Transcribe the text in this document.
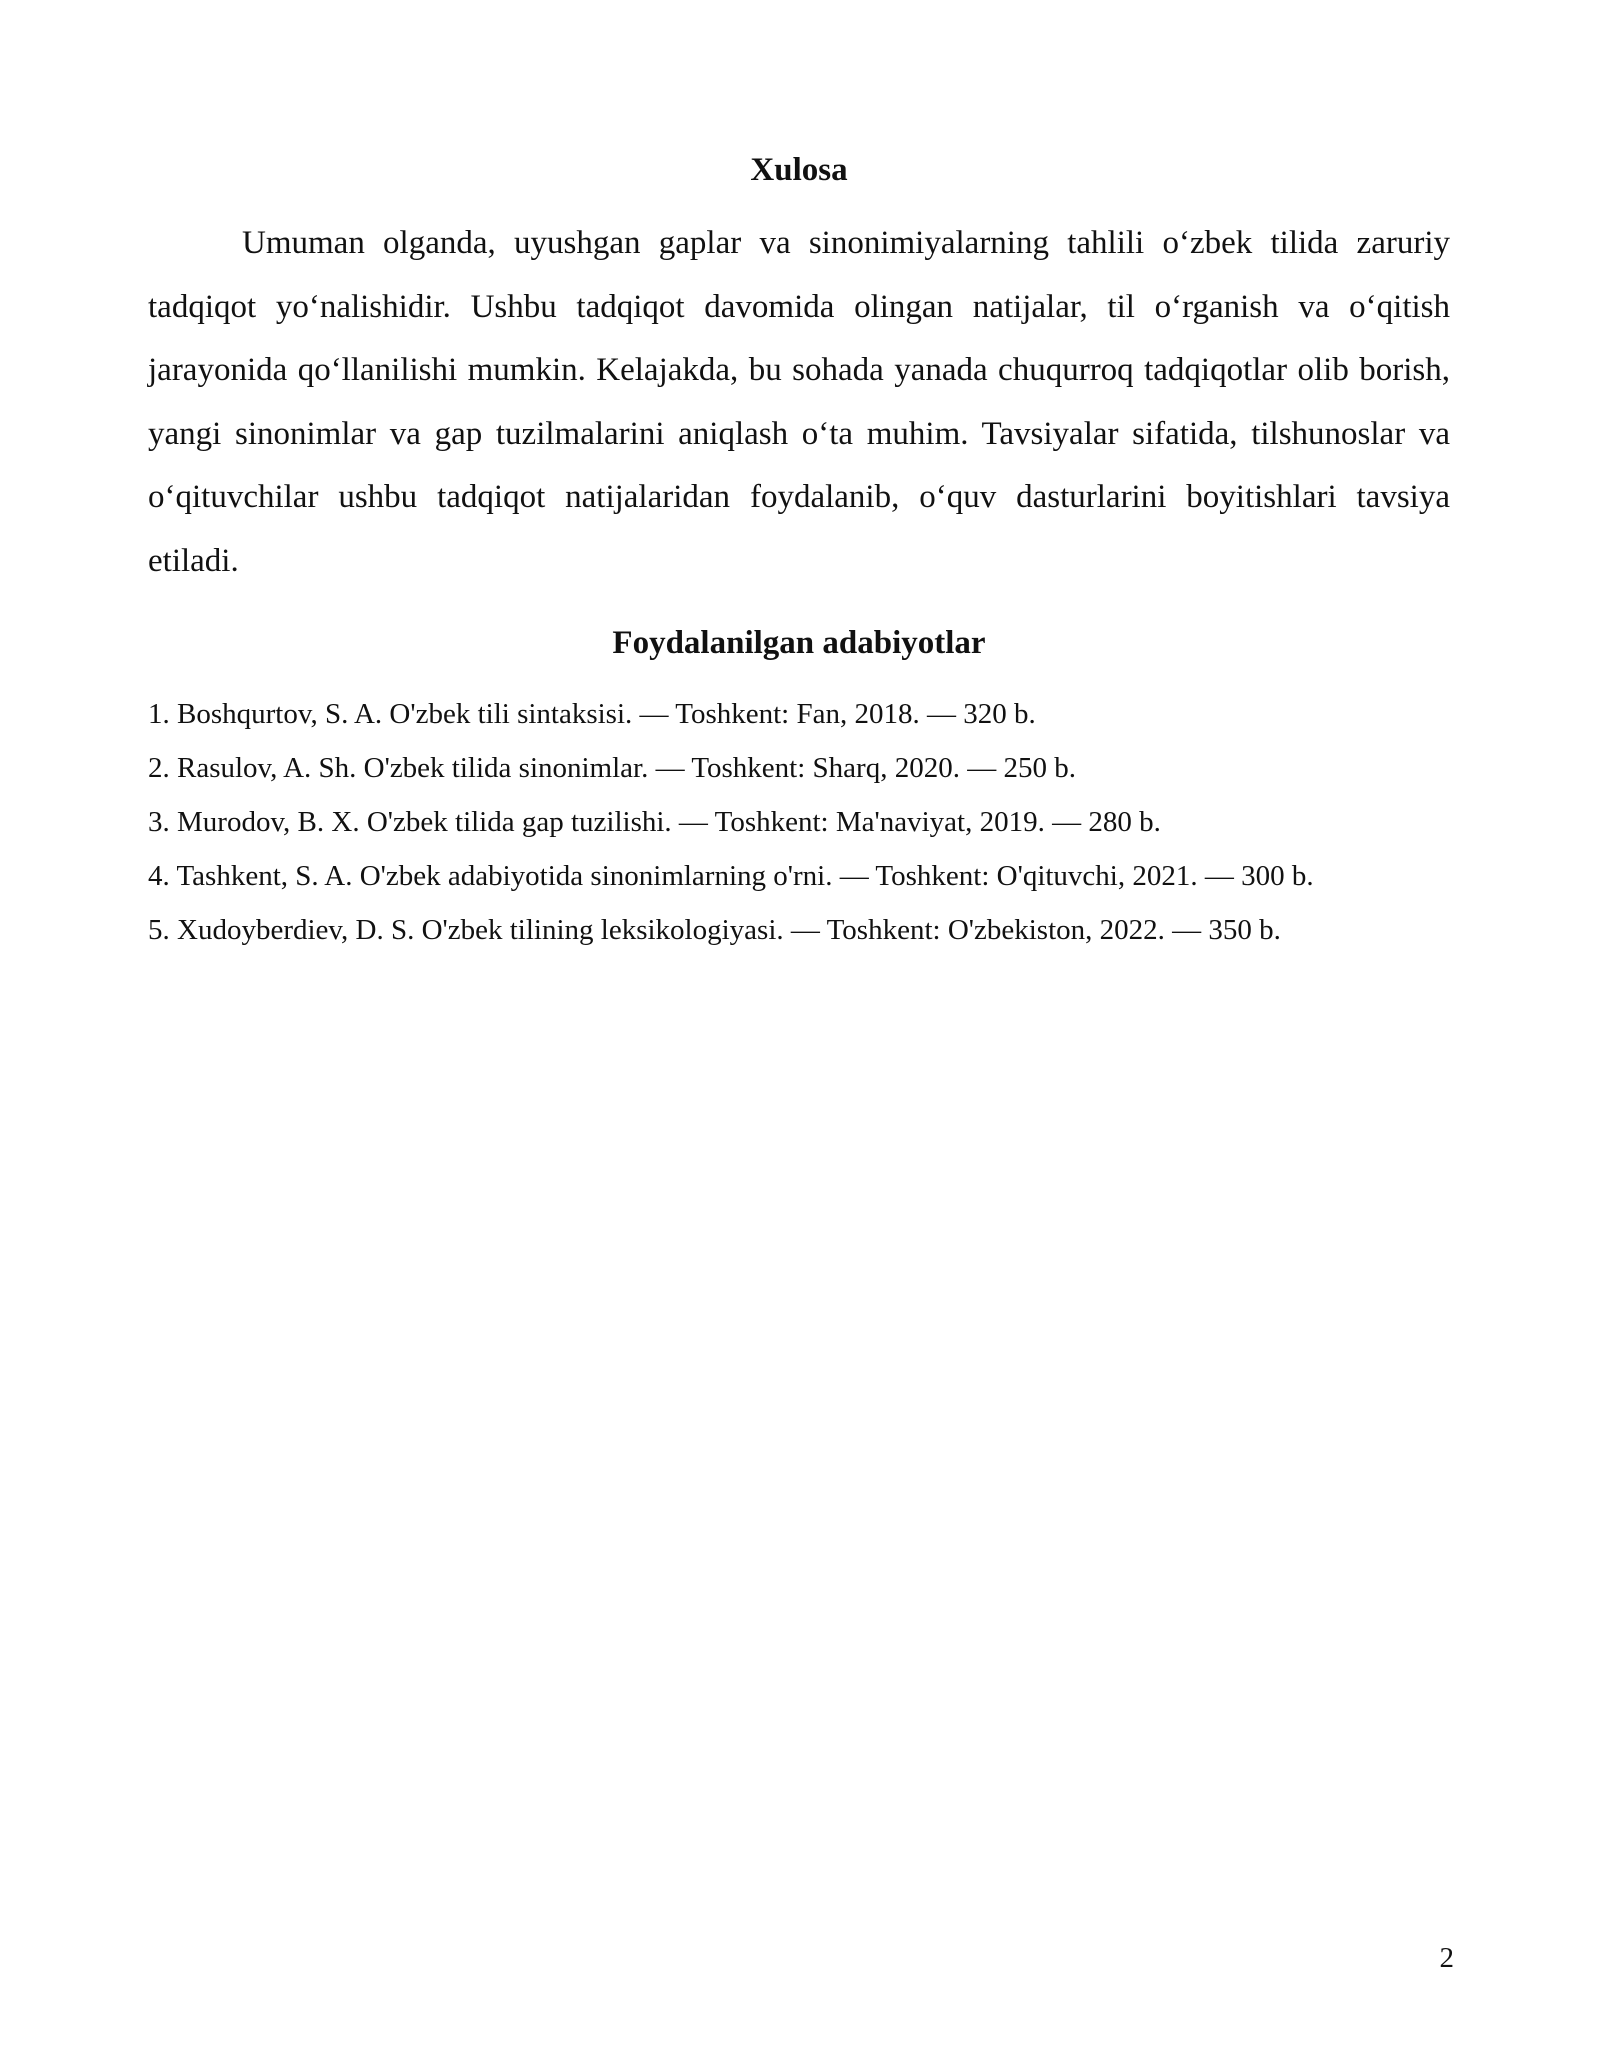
Xulosa

Umuman olganda, uyushgan gaplar va sinonimiyalarning tahlili o‘zbek tilida zaruriy tadqiqot yo‘nalishidir. Ushbu tadqiqot davomida olingan natijalar, til o‘rganish va o‘qitish jarayonida qo‘llanilishi mumkin. Kelajakda, bu sohada yanada chuqurroq tadqiqotlar olib borish, yangi sinonimlar va gap tuzilmalarini aniqlash o‘ta muhim. Tavsiyalar sifatida, tilshunoslar va o‘qituvchilar ushbu tadqiqot natijalaridan foydalanib, o‘quv dasturlarini boyitishlari tavsiya etiladi.

Foydalanilgan adabiyotlar
1. Boshqurtov, S. A. O'zbek tili sintaksisi. — Toshkent: Fan, 2018. — 320 b.
2. Rasulov, A. Sh. O'zbek tilida sinonimlar. — Toshkent: Sharq, 2020. — 250 b.
3. Murodov, B. X. O'zbek tilida gap tuzilishi. — Toshkent: Ma'naviyat, 2019. — 280 b.
4. Tashkent, S. A. O'zbek adabiyotida sinonimlarning o'rni. — Toshkent: O'qituvchi, 2021. — 300 b.
5. Xudoyberdiev, D. S. O'zbek tilining leksikologiyasi. — Toshkent: O'zbekiston, 2022. — 350 b.
2
